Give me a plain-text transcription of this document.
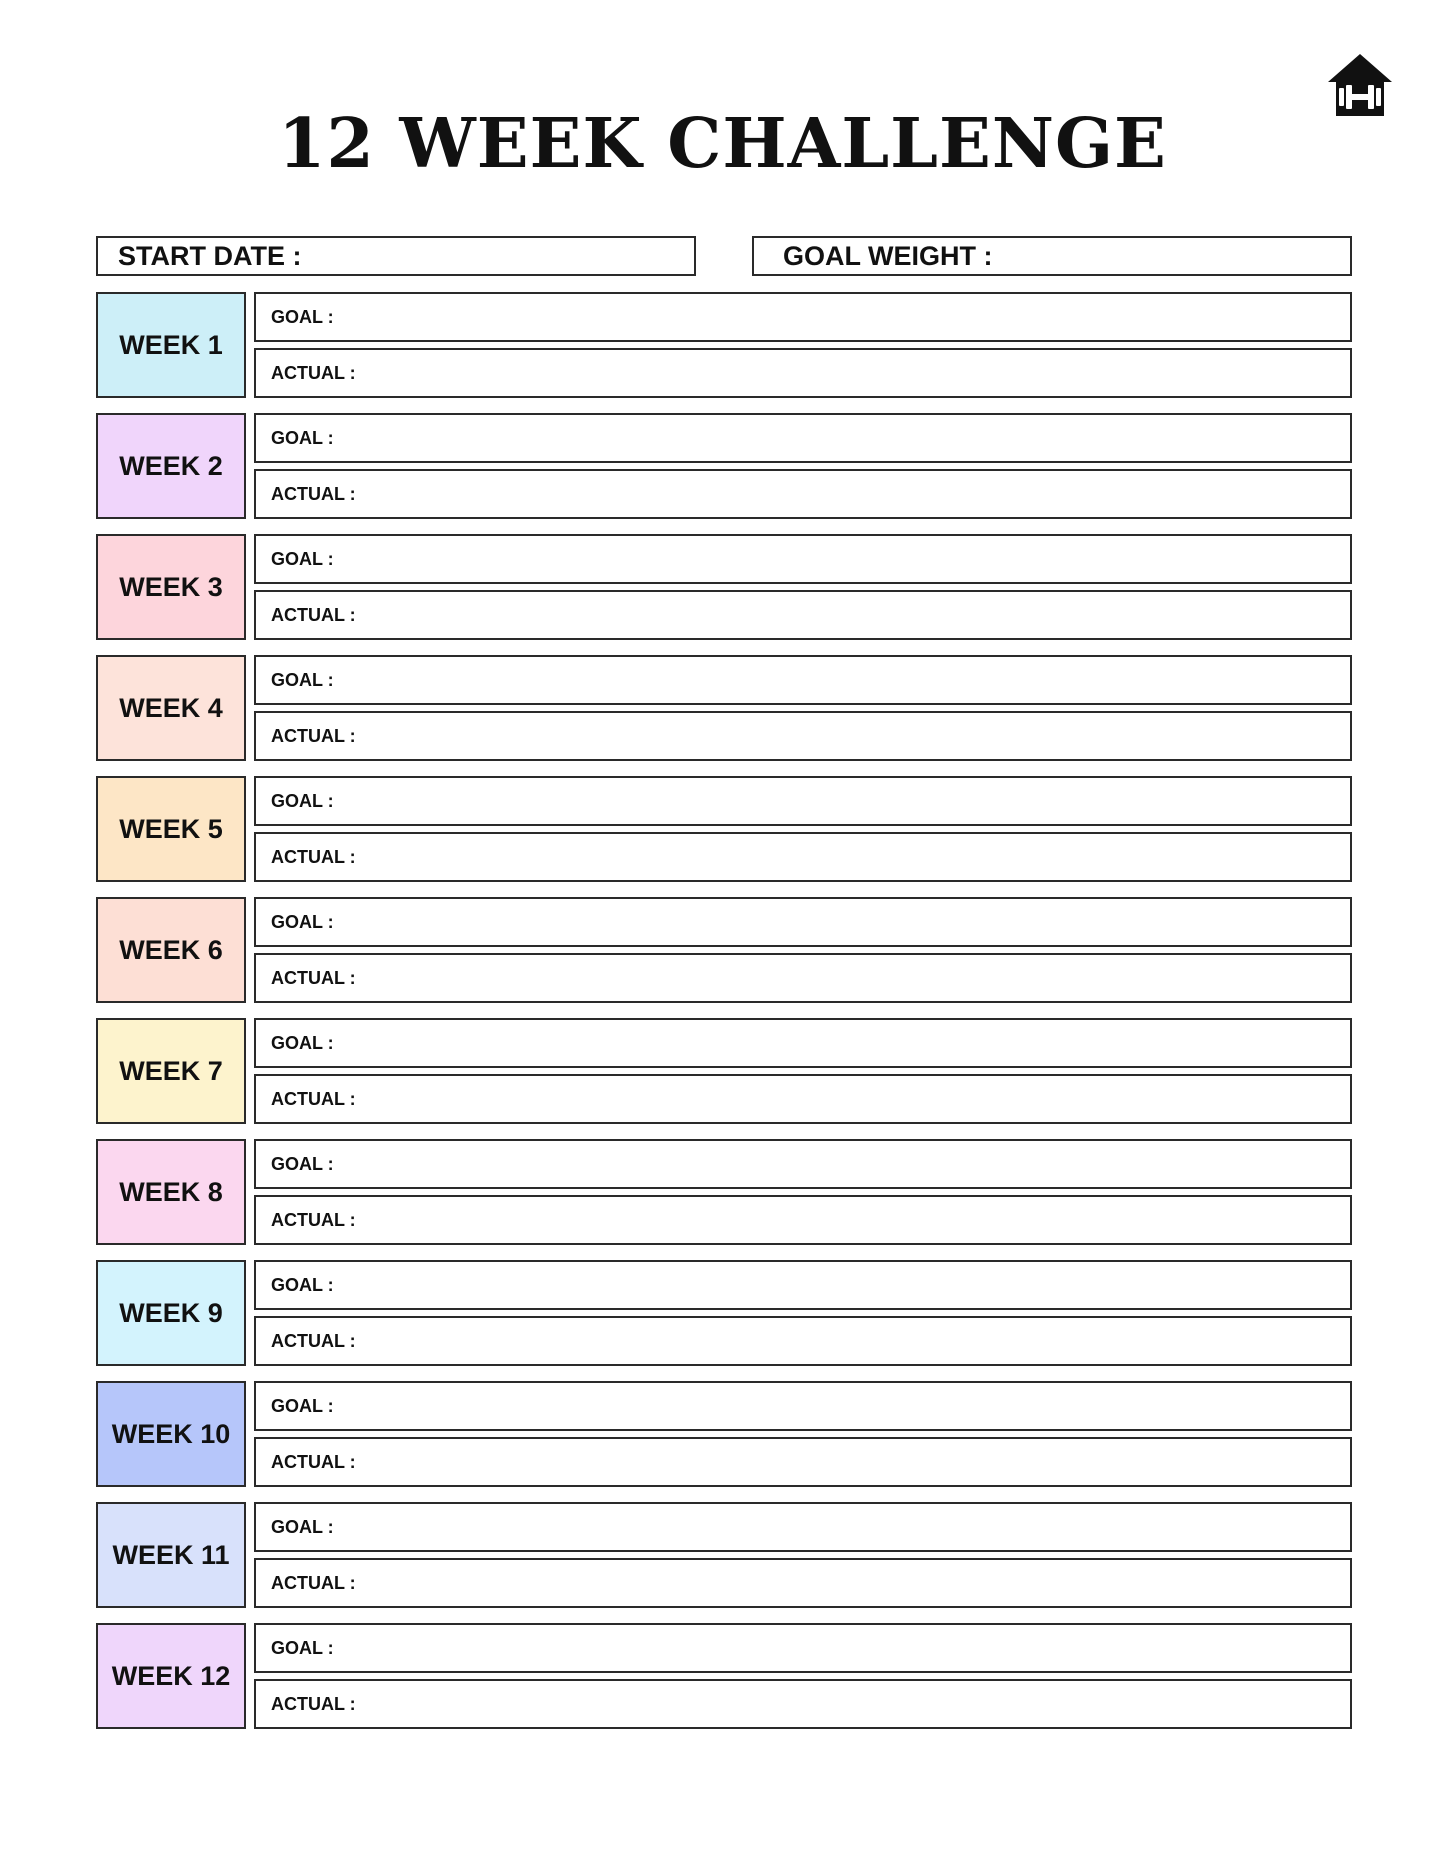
12 WEEK CHALLENGE
START DATE :	GOAL WEIGHT :
WEEK 1
GOAL :
ACTUAL :
WEEK 2
GOAL :
ACTUAL :
WEEK 3
GOAL :
ACTUAL :
WEEK 4
GOAL :
ACTUAL :
WEEK 5
GOAL :
ACTUAL :
WEEK 6
GOAL :
ACTUAL :
WEEK 7
GOAL :
ACTUAL :
WEEK 8
GOAL :
ACTUAL :
WEEK 9
GOAL :
ACTUAL :
WEEK 10
GOAL :
ACTUAL :
WEEK 11
GOAL :
ACTUAL :
WEEK 12
GOAL :
ACTUAL :
